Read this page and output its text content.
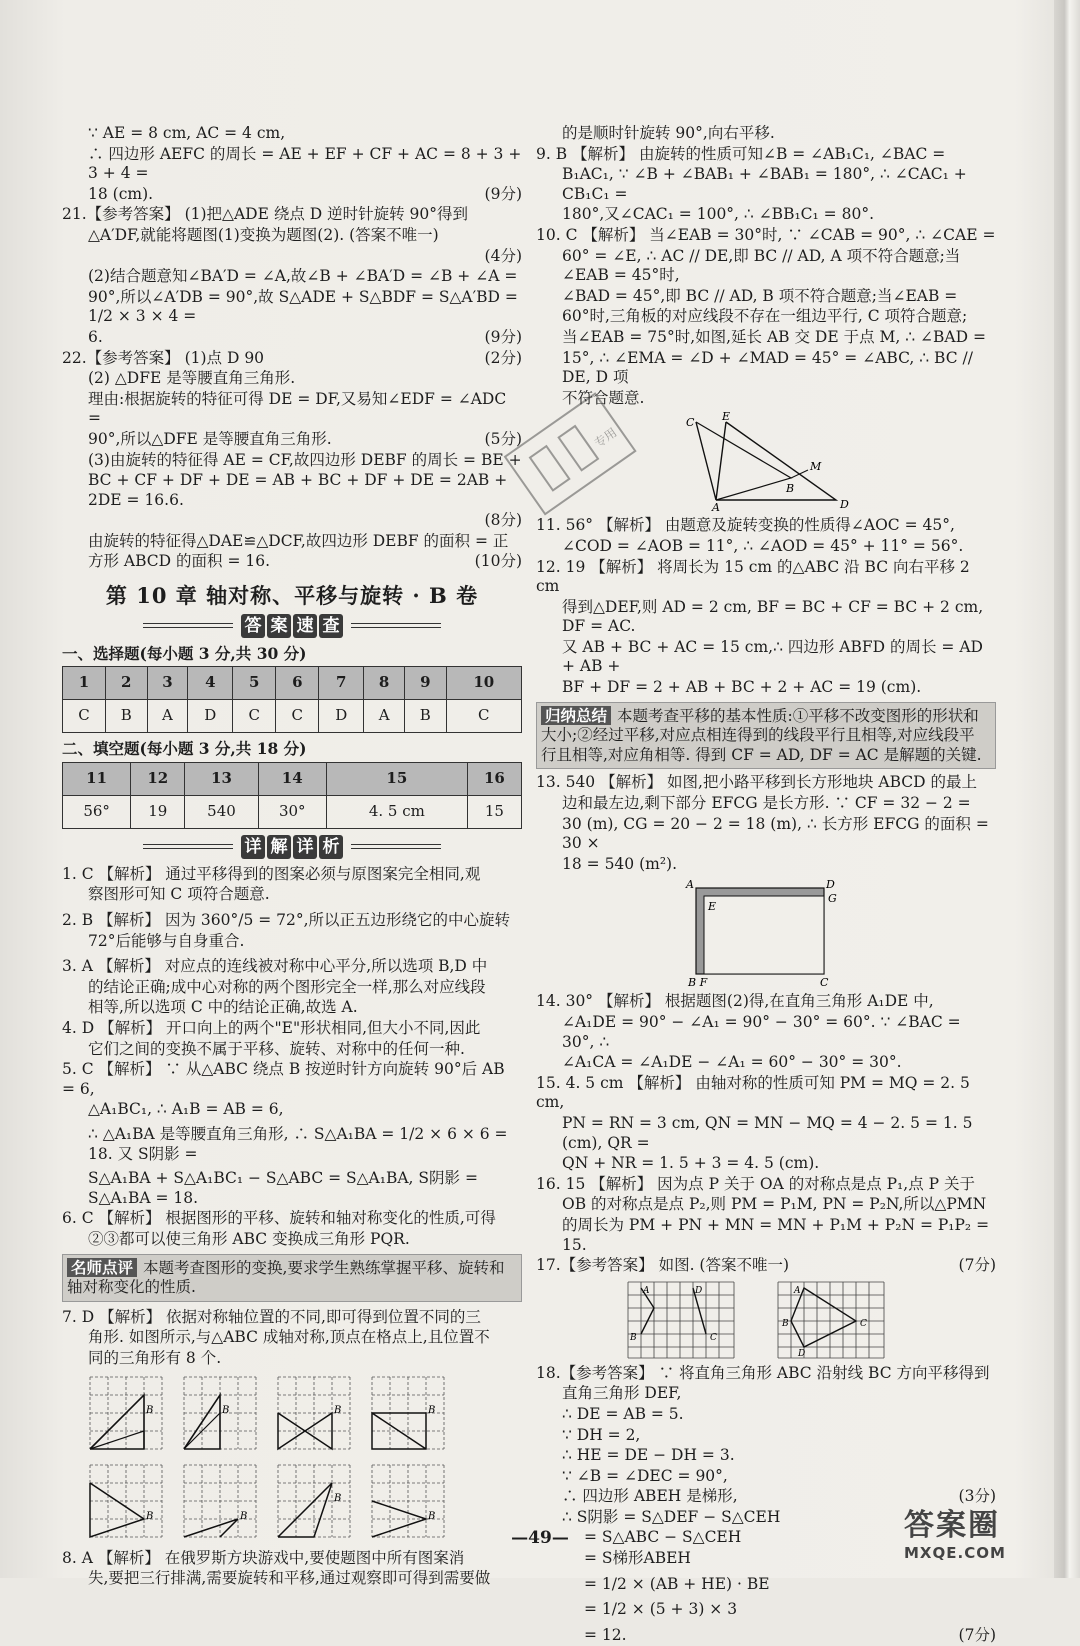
∵ AE = 8 cm, AC = 4 cm,

∴ 四边形 AEFC 的周长 = AE + EF + CF + AC = 8 + 3 + 3 + 4 =

18 (cm).	(9分)

21.【参考答案】 (1)把△ADE 绕点 D 逆时针旋转 90°得到

△A′DF,就能将题图(1)变换为题图(2). (答案不唯一)

(4分)

(2)结合题意知∠BA′D = ∠A,故∠B + ∠BA′D = ∠B + ∠A =

90°,所以∠A′DB = 90°,故 S△ADE + S△BDF = S△A′BD = 1/2 × 3 × 4 =

6.	(9分)

22.【参考答案】 (1)点 D 90	(2分)

(2) △DFE 是等腰直角三角形.

理由:根据旋转的特征可得 DE = DF,又易知∠EDF = ∠ADC =

90°,所以△DFE 是等腰直角三角形.	(5分)

(3)由旋转的特征得 AE = CF,故四边形 DEBF 的周长 = BE +

BC + CF + DF + DE = AB + BC + DF + DE = 2AB + 2DE = 16.6.

(8分)

由旋转的特征得△DAE≌△DCF,故四边形 DEBF 的面积 = 正

方形 ABCD 的面积 = 16.	(10分)

第 10 章 轴对称、平移与旋转 · B 卷
答 案 速 查
一、选择题(每小题 3 分,共 30 分)
1	2	3	4	5	6	7	8	9	10
C	B	A	D	C	C	D	A	B	C
二、填空题(每小题 3 分,共 18 分)
11	12	13	14	15	16
56°	19	540	30°	4. 5 cm	15
详 解 详 析

1. C 【解析】 通过平移得到的图案必须与原图案完全相同,观

察图形可知 C 项符合题意.

2. B 【解析】 因为 360°/5 = 72°,所以正五边形绕它的中心旋转

72°后能够与自身重合.

3. A 【解析】 对应点的连线被对称中心平分,所以选项 B,D 中

的结论正确;成中心对称的两个图形完全一样,那么对应线段

相等,所以选项 C 中的结论正确,故选 A.

4. D 【解析】 开口向上的两个"E"形状相同,但大小不同,因此

它们之间的变换不属于平移、旋转、对称中的任何一种.

5. C 【解析】 ∵ 从△ABC 绕点 B 按逆时针方向旋转 90°后 AB = 6,

△A₁BC₁, ∴ A₁B = AB = 6,

∴ △A₁BA 是等腰直角三角形, ∴ S△A₁BA = 1/2 × 6 × 6 = 18. 又 S阴影 =

S△A₁BA + S△A₁BC₁ − S△ABC = S△A₁BA, S阴影 = S△A₁BA = 18.

6. C 【解析】 根据图形的平移、旋转和轴对称变化的性质,可得

②③都可以使三角形 ABC 变换成三角形 PQR.

名师点评 本题考查图形的变换,要求学生熟练掌握平移、旋转和轴对称变化的性质.

7. D 【解析】 依据对称轴位置的不同,即可得到位置不同的三

角形. 如图所示,与△ABC 成轴对称,顶点在格点上,且位置不

同的三角形有 8 个.

B	B	B	B
B	B
B
B

8. A 【解析】 在俄罗斯方块游戏中,要使题图中所有图案消

失,要把三行排满,需要旋转和平移,通过观察即可得到需要做

的是顺时针旋转 90°,向右平移.

9. B 【解析】 由旋转的性质可知∠B = ∠AB₁C₁, ∠BAC =

B₁AC₁, ∵ ∠B + ∠BAB₁ + ∠BAB₁ = 180°, ∴ ∠CAC₁ + CB₁C₁ =

180°,又∠CAC₁ = 100°, ∴ ∠BB₁C₁ = 80°.

10. C 【解析】 当∠EAB = 30°时, ∵ ∠CAB = 90°, ∴ ∠CAE =

60° = ∠E, ∴ AC // DE,即 BC // AD, A 项不符合题意;当∠EAB = 45°时,

∠BAD = 45°,即 BC // AD, B 项不符合题意;当∠EAB =

60°时,三角板的对应线段不存在一组边平行, C 项符合题意;

当∠EAB = 75°时,如图,延长 AB 交 DE 于点 M, ∴ ∠BAD =

15°, ∴ ∠EMA = ∠D + ∠MAD = 45° = ∠ABC, ∴ BC // DE, D 项

不符合题意.

C	E
B
M
A	D

11. 56° 【解析】 由题意及旋转变换的性质得∠AOC = 45°,

∠COD = ∠AOB = 11°, ∴ ∠AOD = 45° + 11° = 56°.

12. 19 【解析】 将周长为 15 cm 的△ABC 沿 BC 向右平移 2 cm

得到△DEF,则 AD = 2 cm, BF = BC + CF = BC + 2 cm, DF = AC.

又 AB + BC + AC = 15 cm,∴ 四边形 ABFD 的周长 = AD + AB +

BF + DF = 2 + AB + BC + 2 + AC = 19 (cm).

归纳总结 本题考查平移的基本性质:①平移不改变图形的形状和大小;②经过平移,对应点相连得到的线段平行且相等,对应线段平行且相等,对应角相等. 得到 CF = AD, DF = AC 是解题的关键.

13. 540 【解析】 如图,把小路平移到长方形地块 ABCD 的最上

边和最左边,剩下部分 EFCG 是长方形. ∵ CF = 32 − 2 =

30 (m), CG = 20 − 2 = 18 (m), ∴ 长方形 EFCG 的面积 = 30 ×

18 = 540 (m²).

A	D
G
E
B F	C

14. 30° 【解析】 根据题图(2)得,在直角三角形 A₁DE 中,

∠A₁DE = 90° − ∠A₁ = 90° − 30° = 60°. ∵ ∠BAC = 30°, ∴

∠A₁CA = ∠A₁DE − ∠A₁ = 60° − 30° = 30°.

15. 4. 5 cm 【解析】 由轴对称的性质可知 PM = MQ = 2. 5 cm,

PN = RN = 3 cm, QN = MN − MQ = 4 − 2. 5 = 1. 5 (cm), QR =

QN + NR = 1. 5 + 3 = 4. 5 (cm).

16. 15 【解析】 因为点 P 关于 OA 的对称点是点 P₁,点 P 关于

OB 的对称点是点 P₂,则 PM = P₁M, PN = P₂N,所以△PMN

的周长为 PM + PN + MN = MN + P₁M + P₂N = P₁P₂ = 15.

17.【参考答案】 如图. (答案不唯一)	(7分)

A	D
B	C
A
C
B
D

18.【参考答案】 ∵ 将直角三角形 ABC 沿射线 BC 方向平移得到

直角三角形 DEF,

∴ DE = AB = 5.

∵ DH = 2,

∴ HE = DE − DH = 3.

∵ ∠B = ∠DEC = 90°,

∴ 四边形 ABEH 是梯形,	(3分)

∴ S阴影 = S△DEF − S△CEH

= S△ABC − S△CEH

= S梯形ABEH

= 1/2 × (AB + HE) · BE

= 1/2 × (5 + 3) × 3

= 12.	(7分)

专用
—49—	答案圈
MXQE.COM
